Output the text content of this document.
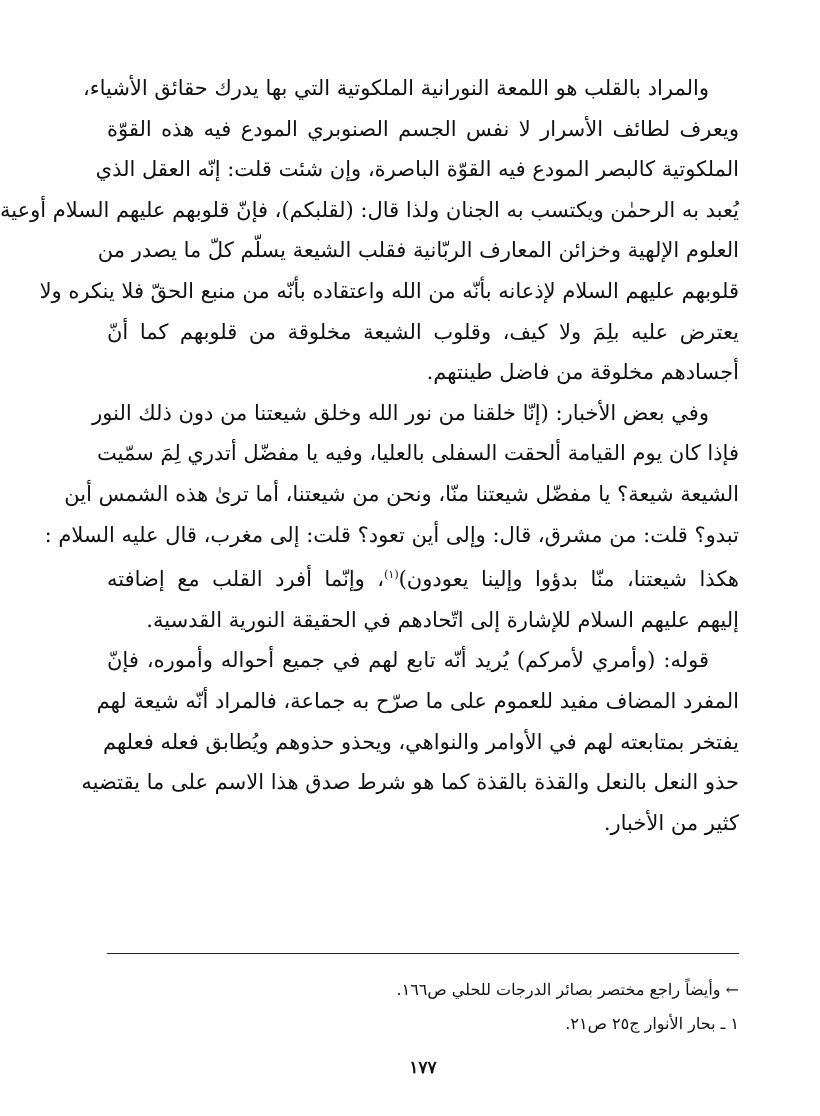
والمراد بالقلب هو اللمعة النورانية الملكوتية التي بها يدرك حقائق الأشياء،
ويعرف لطائف الأسرار لا نفس الجسم الصنوبري المودع فيه هذه القوّة
الملكوتية كالبصر المودع فيه القوّة الباصرة، وإن شئت قلت: إنّه العقل الذي
يُعبد به الرحمٰن ويكتسب به الجنان ولذا قال: (لقلبكم)، فإنّ قلوبهم عليهم السلام أوعية
العلوم الإلهية وخزائن المعارف الربّانية فقلب الشيعة يسلّم كلّ ما يصدر من
قلوبهم عليهم السلام لإذعانه بأنّه من الله واعتقاده بأنّه من منبع الحقّ فلا ينكره ولا
يعترض عليه بلِمَ ولا كيف، وقلوب الشيعة مخلوقة من قلوبهم كما أنّ
أجسادهم مخلوقة من فاضل طينتهم.
وفي بعض الأخبار: (إنّا خلقنا من نور الله وخلق شيعتنا من دون ذلك النور
فإذا كان يوم القيامة ألحقت السفلى بالعليا، وفيه يا مفضّل أتدري لِمَ سمّيت
الشيعة شيعة؟ يا مفضّل شيعتنا منّا، ونحن من شيعتنا، أما ترىٰ هذه الشمس أين
تبدو؟ قلت: من مشرق، قال: وإلى أين تعود؟ قلت: إلى مغرب، قال عليه السلام :
هكذا شيعتنا، منّا بدؤوا وإلينا يعودون)$^{(١)}$، وإنّما أفرد القلب مع إضافته
إليهم عليهم السلام للإشارة إلى اتّحادهم في الحقيقة النورية القدسية.
قوله: (وأمري لأمركم) يُريد أنّه تابع لهم في جميع أحواله وأموره، فإنّ
المفرد المضاف مفيد للعموم على ما صرّح به جماعة، فالمراد أنّه شيعة لهم
يفتخر بمتابعته لهم في الأوامر والنواهي، ويحذو حذوهم ويُطابق فعله فعلهم
حذو النعل بالنعل والقذة بالقذة كما هو شرط صدق هذا الاسم على ما يقتضيه
كثير من الأخبار.
← وأيضاً راجع مختصر بصائر الدرجات للحلي ص١٦٦.
١ ـ بحار الأنوار ج٢٥ ص٢١.
١٧٧
